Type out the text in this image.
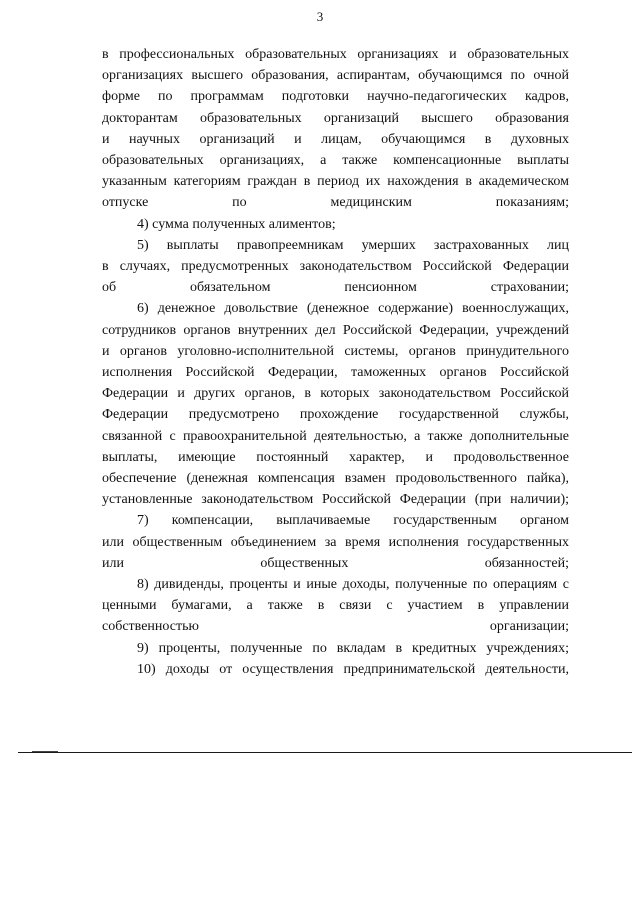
3

в профессиональных образовательных организациях и образовательных
организациях высшего образования, аспирантам, обучающимся по очной
форме по программам подготовки научно-педагогических кадров,
докторантам образовательных организаций высшего образования
и научных организаций и лицам, обучающимся в духовных
образовательных организациях, а также компенсационные выплаты
указанным категориям граждан в период их нахождения в академическом
отпуске по медицинским показаниям;

4) сумма полученных алиментов;

5) выплаты правопреемникам умерших застрахованных лиц
в случаях, предусмотренных законодательством Российской Федерации
об обязательном пенсионном страховании;

6) денежное довольствие (денежное содержание) военнослужащих,
сотрудников органов внутренних дел Российской Федерации, учреждений
и органов уголовно-исполнительной системы, органов принудительного
исполнения Российской Федерации, таможенных органов Российской
Федерации и других органов, в которых законодательством Российской
Федерации предусмотрено прохождение государственной службы,
связанной с правоохранительной деятельностью, а также дополнительные
выплаты, имеющие постоянный характер, и продовольственное
обеспечение (денежная компенсация взамен продовольственного пайка),
установленные законодательством Российской Федерации (при наличии);

7) компенсации, выплачиваемые государственным органом
или общественным объединением за время исполнения государственных
или общественных обязанностей;

8) дивиденды, проценты и иные доходы, полученные по операциям с
ценными бумагами, а также в связи с участием в управлении
собственностью организации;

9) проценты, полученные по вкладам в кредитных учреждениях;

10) доходы от осуществления предпринимательской деятельности,
